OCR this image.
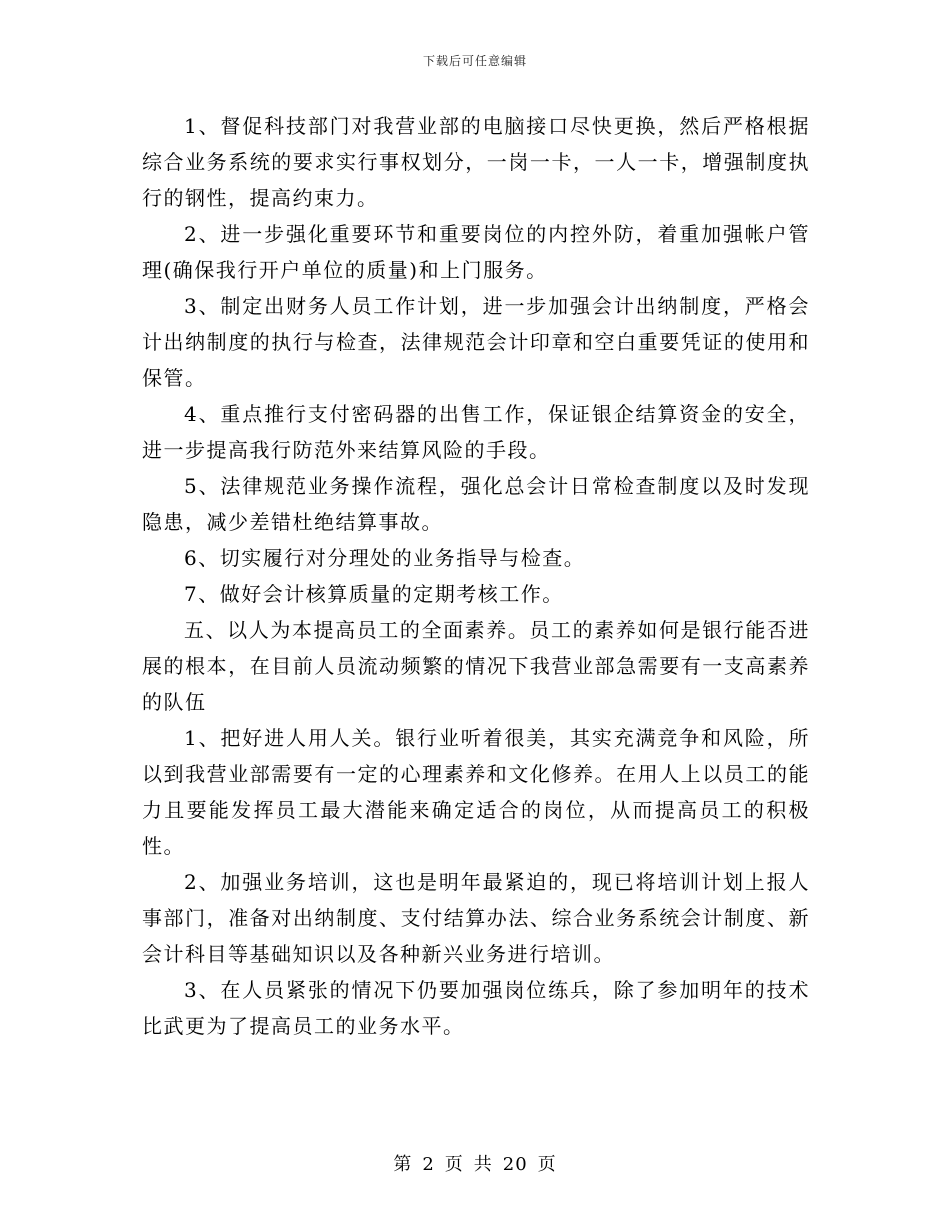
下载后可任意编辑

1、督促科技部门对我营业部的电脑接口尽快更换，然后严格根据综合业务系统的要求实行事权划分，一岗一卡，一人一卡，增强制度执行的钢性，提高约束力。

2、进一步强化重要环节和重要岗位的内控外防，着重加强帐户管理(确保我行开户单位的质量)和上门服务。

3、制定出财务人员工作计划，进一步加强会计出纳制度，严格会计出纳制度的执行与检查，法律规范会计印章和空白重要凭证的使用和保管。

4、重点推行支付密码器的出售工作，保证银企结算资金的安全，进一步提高我行防范外来结算风险的手段。

5、法律规范业务操作流程，强化总会计日常检查制度以及时发现隐患，减少差错杜绝结算事故。

6、切实履行对分理处的业务指导与检查。

7、做好会计核算质量的定期考核工作。

五、以人为本提高员工的全面素养。员工的素养如何是银行能否进展的根本，在目前人员流动频繁的情况下我营业部急需要有一支高素养的队伍

1、把好进人用人关。银行业听着很美，其实充满竞争和风险，所以到我营业部需要有一定的心理素养和文化修养。在用人上以员工的能力且要能发挥员工最大潜能来确定适合的岗位，从而提高员工的积极性。

2、加强业务培训，这也是明年最紧迫的，现已将培训计划上报人事部门，准备对出纳制度、支付结算办法、综合业务系统会计制度、新会计科目等基础知识以及各种新兴业务进行培训。

3、在人员紧张的情况下仍要加强岗位练兵，除了参加明年的技术比武更为了提高员工的业务水平。

第 2 页 共 20 页
